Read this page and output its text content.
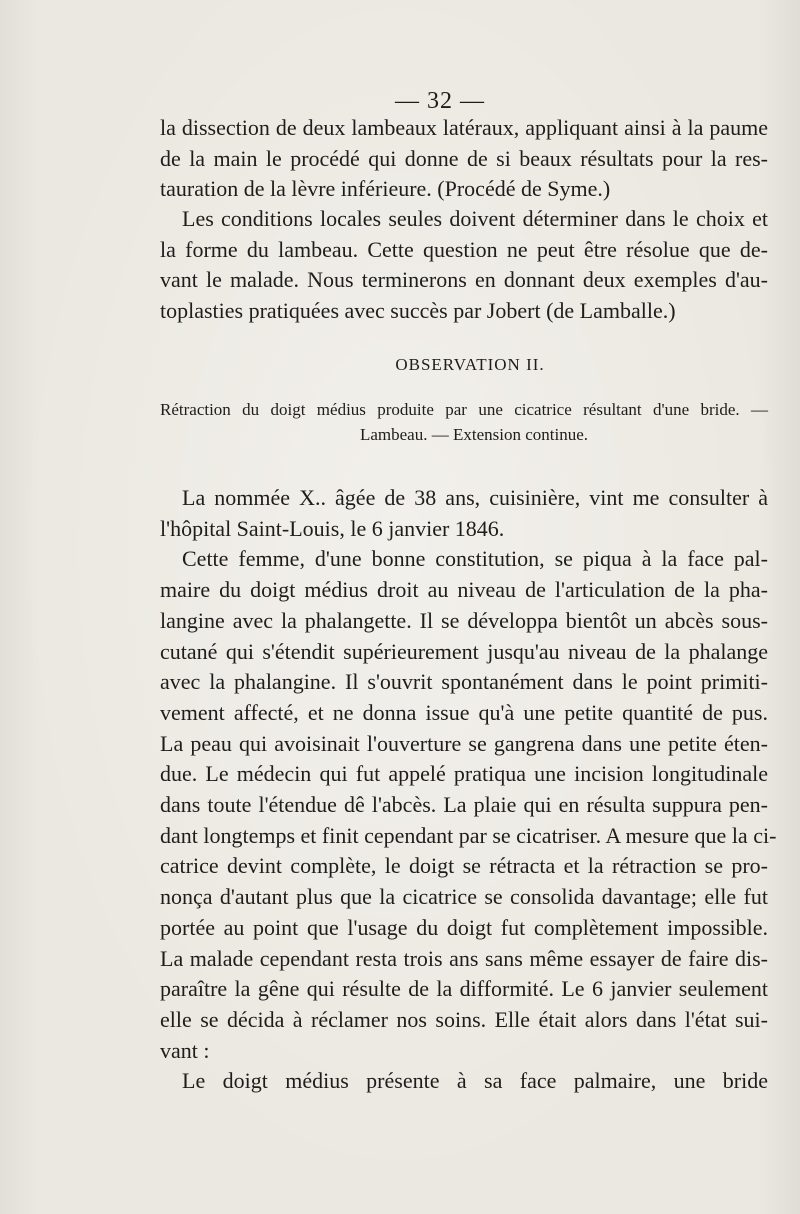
— 32 —
la dissection de deux lambeaux latéraux, appliquant ainsi à la paume
de la main le procédé qui donne de si beaux résultats pour la res-
tauration de la lèvre inférieure. (Procédé de Syme.)
Les conditions locales seules doivent déterminer dans le choix et
la forme du lambeau. Cette question ne peut être résolue que de-
vant le malade. Nous terminerons en donnant deux exemples d'au-
toplasties pratiquées avec succès par Jobert (de Lamballe.)
OBSERVATION II.
Rétraction du doigt médius produite par une cicatrice résultant d'une bride. —
Lambeau. — Extension continue.
La nommée X.. âgée de 38 ans, cuisinière, vint me consulter à
l'hôpital Saint-Louis, le 6 janvier 1846.
Cette femme, d'une bonne constitution, se piqua à la face pal-
maire du doigt médius droit au niveau de l'articulation de la pha-
langine avec la phalangette. Il se développa bientôt un abcès sous-
cutané qui s'étendit supérieurement jusqu'au niveau de la phalange
avec la phalangine. Il s'ouvrit spontanément dans le point primiti-
vement affecté, et ne donna issue qu'à une petite quantité de pus.
La peau qui avoisinait l'ouverture se gangrena dans une petite éten-
due. Le médecin qui fut appelé pratiqua une incision longitudinale
dans toute l'étendue dê l'abcès. La plaie qui en résulta suppura pen-
dant longtemps et finit cependant par se cicatriser. A mesure que la ci-
catrice devint complète, le doigt se rétracta et la rétraction se pro-
nonça d'autant plus que la cicatrice se consolida davantage; elle fut
portée au point que l'usage du doigt fut complètement impossible.
La malade cependant resta trois ans sans même essayer de faire dis-
paraître la gêne qui résulte de la difformité. Le 6 janvier seulement
elle se décida à réclamer nos soins. Elle était alors dans l'état sui-
vant :
Le doigt médius présente à sa face palmaire, une bride
